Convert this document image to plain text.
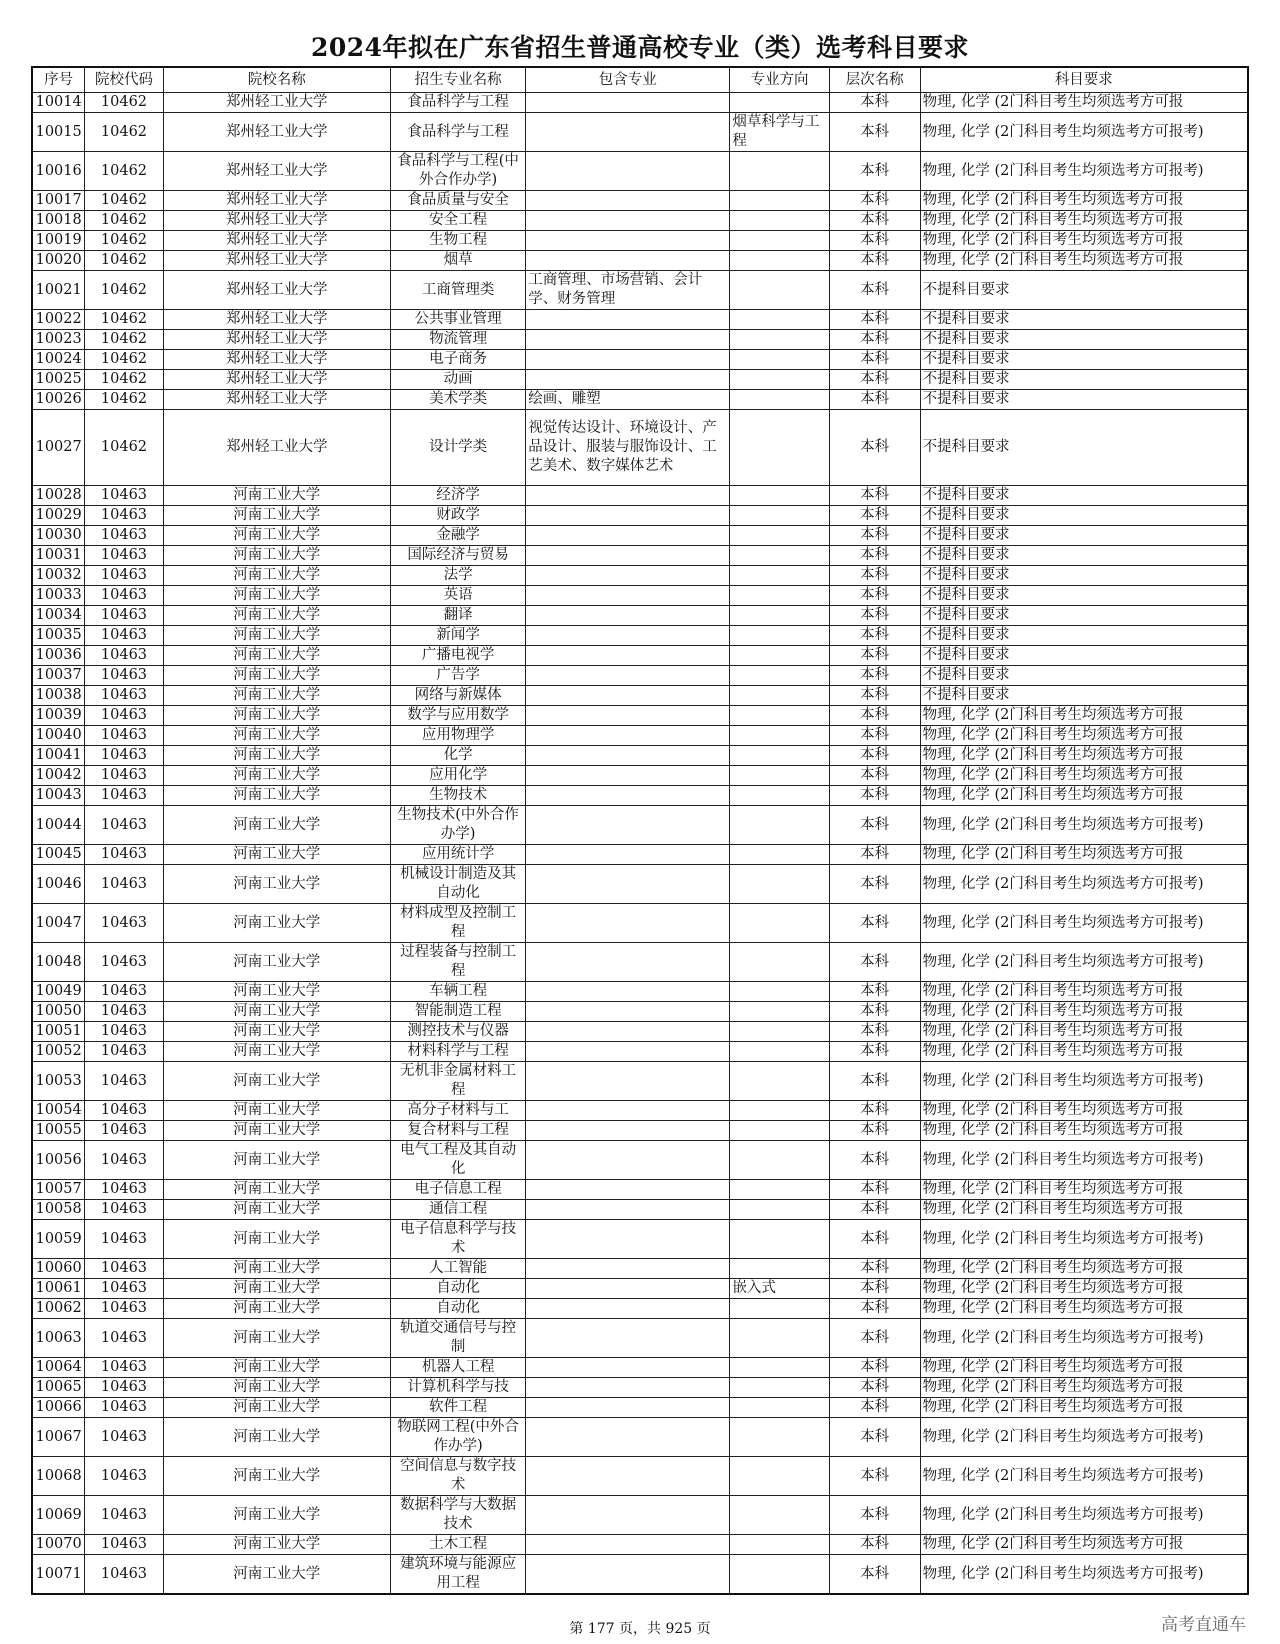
2024年拟在广东省招生普通高校专业（类）选考科目要求
序号	院校代码	院校名称	招生专业名称	包含专业	专业方向	层次名称	科目要求
10014	10462	郑州轻工业大学	食品科学与工程			本科	物理, 化学 (2门科目考生均须选考方可报
10015	10462	郑州轻工业大学	食品科学与工程		烟草科学与工程	本科	物理, 化学 (2门科目考生均须选考方可报考)
10016	10462	郑州轻工业大学	食品科学与工程(中外合作办学)			本科	物理, 化学 (2门科目考生均须选考方可报考)
10017	10462	郑州轻工业大学	食品质量与安全			本科	物理, 化学 (2门科目考生均须选考方可报
10018	10462	郑州轻工业大学	安全工程			本科	物理, 化学 (2门科目考生均须选考方可报
10019	10462	郑州轻工业大学	生物工程			本科	物理, 化学 (2门科目考生均须选考方可报
10020	10462	郑州轻工业大学	烟草			本科	物理, 化学 (2门科目考生均须选考方可报
10021	10462	郑州轻工业大学	工商管理类	工商管理、市场营销、会计学、财务管理		本科	不提科目要求
10022	10462	郑州轻工业大学	公共事业管理			本科	不提科目要求
10023	10462	郑州轻工业大学	物流管理			本科	不提科目要求
10024	10462	郑州轻工业大学	电子商务			本科	不提科目要求
10025	10462	郑州轻工业大学	动画			本科	不提科目要求
10026	10462	郑州轻工业大学	美术学类	绘画、雕塑		本科	不提科目要求
10027	10462	郑州轻工业大学	设计学类	视觉传达设计、环境设计、产品设计、服装与服饰设计、工艺美术、数字媒体艺术		本科	不提科目要求
10028	10463	河南工业大学	经济学			本科	不提科目要求
10029	10463	河南工业大学	财政学			本科	不提科目要求
10030	10463	河南工业大学	金融学			本科	不提科目要求
10031	10463	河南工业大学	国际经济与贸易			本科	不提科目要求
10032	10463	河南工业大学	法学			本科	不提科目要求
10033	10463	河南工业大学	英语			本科	不提科目要求
10034	10463	河南工业大学	翻译			本科	不提科目要求
10035	10463	河南工业大学	新闻学			本科	不提科目要求
10036	10463	河南工业大学	广播电视学			本科	不提科目要求
10037	10463	河南工业大学	广告学			本科	不提科目要求
10038	10463	河南工业大学	网络与新媒体			本科	不提科目要求
10039	10463	河南工业大学	数学与应用数学			本科	物理, 化学 (2门科目考生均须选考方可报
10040	10463	河南工业大学	应用物理学			本科	物理, 化学 (2门科目考生均须选考方可报
10041	10463	河南工业大学	化学			本科	物理, 化学 (2门科目考生均须选考方可报
10042	10463	河南工业大学	应用化学			本科	物理, 化学 (2门科目考生均须选考方可报
10043	10463	河南工业大学	生物技术			本科	物理, 化学 (2门科目考生均须选考方可报
10044	10463	河南工业大学	生物技术(中外合作办学)			本科	物理, 化学 (2门科目考生均须选考方可报考)
10045	10463	河南工业大学	应用统计学			本科	物理, 化学 (2门科目考生均须选考方可报
10046	10463	河南工业大学	机械设计制造及其自动化			本科	物理, 化学 (2门科目考生均须选考方可报考)
10047	10463	河南工业大学	材料成型及控制工程			本科	物理, 化学 (2门科目考生均须选考方可报考)
10048	10463	河南工业大学	过程装备与控制工程			本科	物理, 化学 (2门科目考生均须选考方可报考)
10049	10463	河南工业大学	车辆工程			本科	物理, 化学 (2门科目考生均须选考方可报
10050	10463	河南工业大学	智能制造工程			本科	物理, 化学 (2门科目考生均须选考方可报
10051	10463	河南工业大学	测控技术与仪器			本科	物理, 化学 (2门科目考生均须选考方可报
10052	10463	河南工业大学	材料科学与工程			本科	物理, 化学 (2门科目考生均须选考方可报
10053	10463	河南工业大学	无机非金属材料工程			本科	物理, 化学 (2门科目考生均须选考方可报考)
10054	10463	河南工业大学	高分子材料与工			本科	物理, 化学 (2门科目考生均须选考方可报
10055	10463	河南工业大学	复合材料与工程			本科	物理, 化学 (2门科目考生均须选考方可报
10056	10463	河南工业大学	电气工程及其自动化			本科	物理, 化学 (2门科目考生均须选考方可报考)
10057	10463	河南工业大学	电子信息工程			本科	物理, 化学 (2门科目考生均须选考方可报
10058	10463	河南工业大学	通信工程			本科	物理, 化学 (2门科目考生均须选考方可报
10059	10463	河南工业大学	电子信息科学与技术			本科	物理, 化学 (2门科目考生均须选考方可报考)
10060	10463	河南工业大学	人工智能			本科	物理, 化学 (2门科目考生均须选考方可报
10061	10463	河南工业大学	自动化		嵌入式	本科	物理, 化学 (2门科目考生均须选考方可报
10062	10463	河南工业大学	自动化			本科	物理, 化学 (2门科目考生均须选考方可报
10063	10463	河南工业大学	轨道交通信号与控制			本科	物理, 化学 (2门科目考生均须选考方可报考)
10064	10463	河南工业大学	机器人工程			本科	物理, 化学 (2门科目考生均须选考方可报
10065	10463	河南工业大学	计算机科学与技			本科	物理, 化学 (2门科目考生均须选考方可报
10066	10463	河南工业大学	软件工程			本科	物理, 化学 (2门科目考生均须选考方可报
10067	10463	河南工业大学	物联网工程(中外合作办学)			本科	物理, 化学 (2门科目考生均须选考方可报考)
10068	10463	河南工业大学	空间信息与数字技术			本科	物理, 化学 (2门科目考生均须选考方可报考)
10069	10463	河南工业大学	数据科学与大数据技术			本科	物理, 化学 (2门科目考生均须选考方可报考)
10070	10463	河南工业大学	土木工程			本科	物理, 化学 (2门科目考生均须选考方可报
10071	10463	河南工业大学	建筑环境与能源应用工程			本科	物理, 化学 (2门科目考生均须选考方可报考)
第 177 页，共 925 页	高考直通车
